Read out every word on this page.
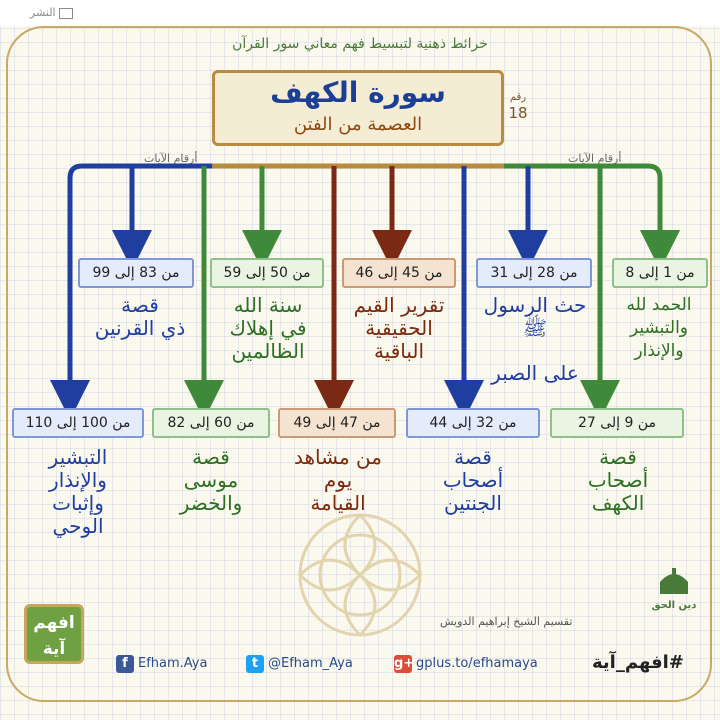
النشر
خرائط ذهنية لتبسيط فهم معاني سور القرآن
رقم
18
سورة الكهف
العصمة من الفتن
أرقام الآيات	أرقام الآيات
من 1 إلى 8
من 28 إلى 31
من 45 إلى 46
من 50 إلى 59
من 83 إلى 99
الحمد لله
والتبشير
والإنذار
حث الرسول ﷺ
على الصبر
تقرير القيم
الحقيقية
الباقية
سنة الله
في إهلاك
الظالمين
قصة
ذي القرنين
من 9 إلى 27
من 32 إلى 44
من 47 إلى 49
من 60 إلى 82
من 100 إلى 110
قصة
أصحاب
الكهف
قصة
أصحاب
الجنتين
من مشاهد
يوم
القيامة
قصة
موسى
والخضر
التبشير
والإنذار
وإثبات
الوحي
تقسيم الشيخ إبراهيم الدويش
دين الحق
افهم
آية
f Efham.Aya	t @Efham_Aya	g+ gplus.to/efhamaya	#افهم_آية
